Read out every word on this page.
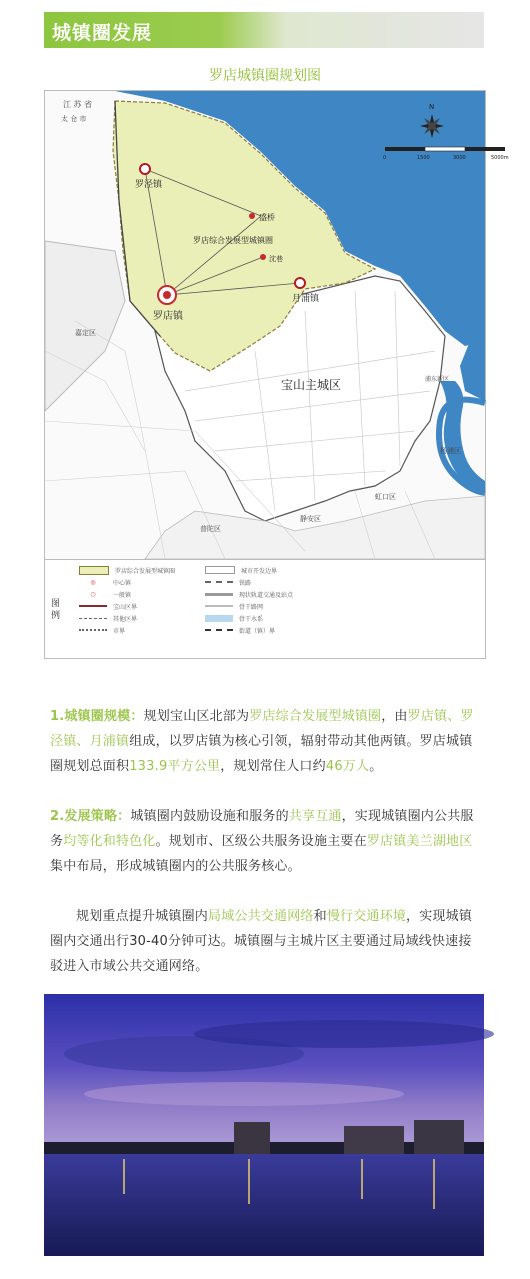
城镇圈发展
罗店城镇圈规划图
江 苏 省
太 仓 市
罗泾镇
罗店镇
月浦镇
盛桥
沈巷
罗店综合发展型城镇圈
宝山主城区
嘉定区
普陀区
静安区
虹口区
杨浦区
浦东新区
N
0	1500	3000	5000m
图例
罗店综合发展型城镇圈
◎	中心镇
○	一般镇
宝山区界
其他区界
市界
城市开发边界
铁路
现状轨道交通及站点
骨干路网
骨干水系
街道（镇）界
1.城镇圈规模：规划宝山区北部为罗店综合发展型城镇圈，由罗店镇、罗泾镇、月浦镇组成，以罗店镇为核心引领，辐射带动其他两镇。罗店城镇圈规划总面积133.9平方公里，规划常住人口约46万人。
2.发展策略：城镇圈内鼓励设施和服务的共享互通，实现城镇圈内公共服务均等化和特色化。规划市、区级公共服务设施主要在罗店镇美兰湖地区集中布局，形成城镇圈内的公共服务核心。
规划重点提升城镇圈内局域公共交通网络和慢行交通环境，实现城镇圈内交通出行30-40分钟可达。城镇圈与主城片区主要通过局域线快速接驳进入市域公共交通网络。
